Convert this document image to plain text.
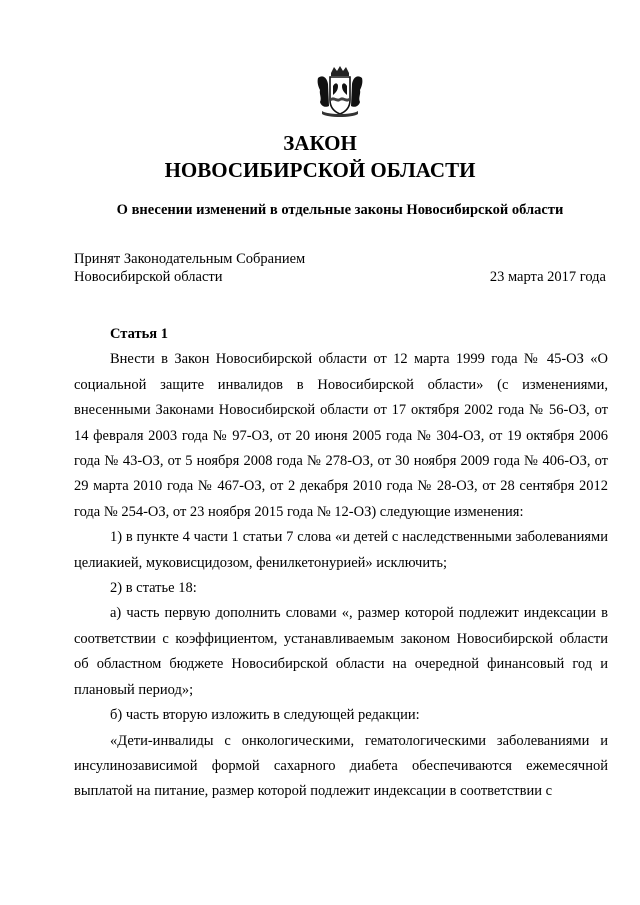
ЗАКОН
НОВОСИБИРСКОЙ ОБЛАСТИ

О внесении изменений в отдельные законы Новосибирской области

Принят Законодательным Собранием
Новосибирской области	23 марта 2017 года

Статья 1

Внести в Закон Новосибирской области от 12 марта 1999 года № 45-ОЗ «О социальной защите инвалидов в Новосибирской области» (с изменениями, внесенными Законами Новосибирской области от 17 октября 2002 года № 56-ОЗ, от 14 февраля 2003 года № 97-ОЗ, от 20 июня 2005 года № 304-ОЗ, от 19 октября 2006 года № 43-ОЗ, от 5 ноября 2008 года № 278-ОЗ, от 30 ноября 2009 года № 406-ОЗ, от 29 марта 2010 года № 467-ОЗ, от 2 декабря 2010 года № 28-ОЗ, от 28 сентября 2012 года № 254-ОЗ, от 23 ноября 2015 года № 12-ОЗ) следующие изменения:

1) в пункте 4 части 1 статьи 7 слова «и детей с наследственными заболеваниями целиакией, муковисцидозом, фенилкетонурией» исключить;

2) в статье 18:

а) часть первую дополнить словами «, размер которой подлежит индексации в соответствии с коэффициентом, устанавливаемым законом Новосибирской области об областном бюджете Новосибирской области на очередной финансовый год и плановый период»;

б) часть вторую изложить в следующей редакции:

«Дети-инвалиды с онкологическими, гематологическими заболеваниями и инсулинозависимой формой сахарного диабета обеспечиваются ежемесячной выплатой на питание, размер которой подлежит индексации в соответствии с
